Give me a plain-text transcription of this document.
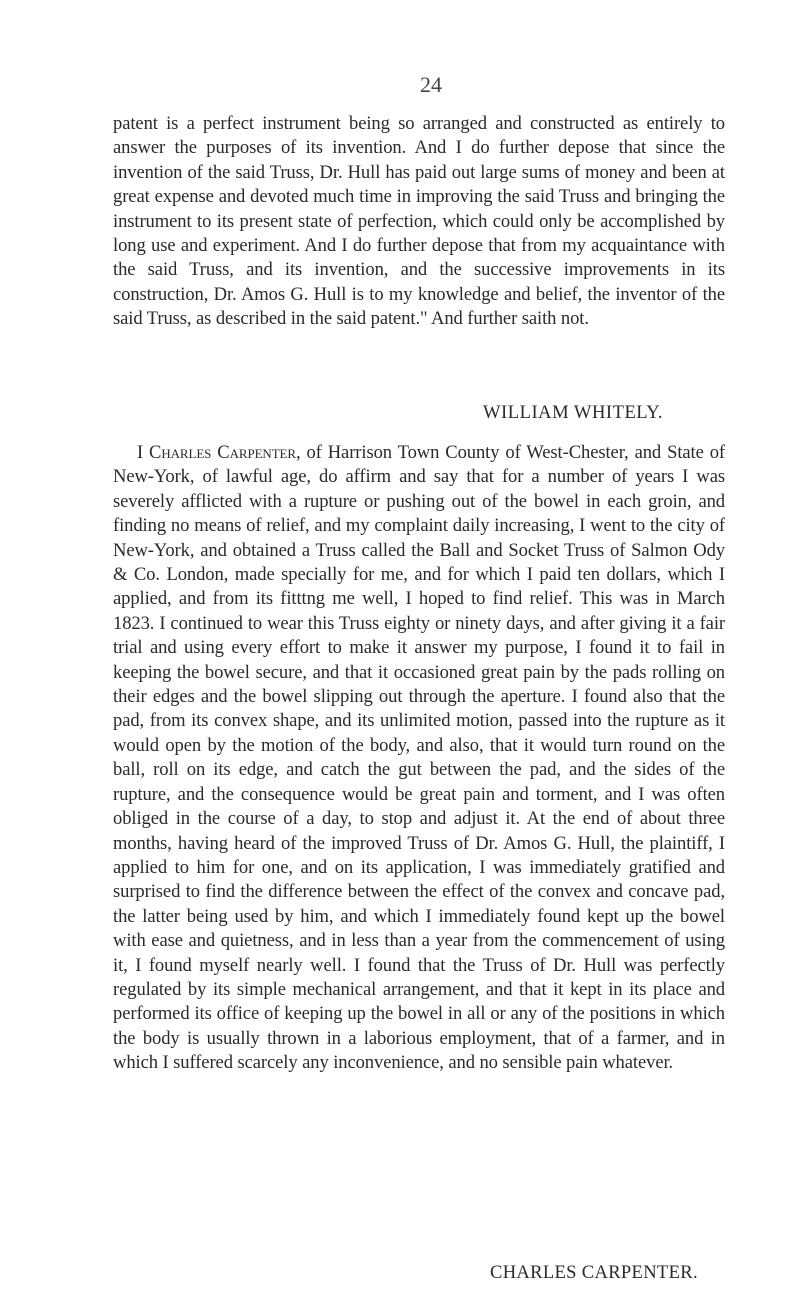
24

patent is a perfect instrument being so arranged and constructed as entirely to answer the purposes of its invention. And I do further depose that since the invention of the said Truss, Dr. Hull has paid out large sums of money and been at great expense and devoted much time in improving the said Truss and bringing the instrument to its present state of perfection, which could only be accomplished by long use and experiment. And I do further depose that from my acquaintance with the said Truss, and its invention, and the successive improvements in its construction, Dr. Amos G. Hull is to my knowledge and belief, the inventor of the said Truss, as described in the said patent." And further saith not.

WILLIAM WHITELY.

I Charles Carpenter, of Harrison Town County of West-Chester, and State of New-York, of lawful age, do affirm and say that for a number of years I was severely afflicted with a rupture or pushing out of the bowel in each groin, and finding no means of relief, and my complaint daily increasing, I went to the city of New-York, and obtained a Truss called the Ball and Socket Truss of Salmon Ody & Co. London, made specially for me, and for which I paid ten dollars, which I applied, and from its fitttng me well, I hoped to find relief. This was in March 1823. I continued to wear this Truss eighty or ninety days, and after giving it a fair trial and using every effort to make it answer my purpose, I found it to fail in keeping the bowel secure, and that it occasioned great pain by the pads rolling on their edges and the bowel slipping out through the aperture. I found also that the pad, from its convex shape, and its unlimited motion, passed into the rupture as it would open by the motion of the body, and also, that it would turn round on the ball, roll on its edge, and catch the gut between the pad, and the sides of the rupture, and the consequence would be great pain and torment, and I was often obliged in the course of a day, to stop and adjust it. At the end of about three months, having heard of the improved Truss of Dr. Amos G. Hull, the plaintiff, I applied to him for one, and on its application, I was immediately gratified and surprised to find the difference between the effect of the convex and concave pad, the latter being used by him, and which I immediately found kept up the bowel with ease and quietness, and in less than a year from the commencement of using it, I found myself nearly well. I found that the Truss of Dr. Hull was perfectly regulated by its simple mechanical arrangement, and that it kept in its place and performed its office of keeping up the bowel in all or any of the positions in which the body is usually thrown in a laborious employment, that of a farmer, and in which I suffered scarcely any inconvenience, and no sensible pain whatever.

CHARLES CARPENTER.
